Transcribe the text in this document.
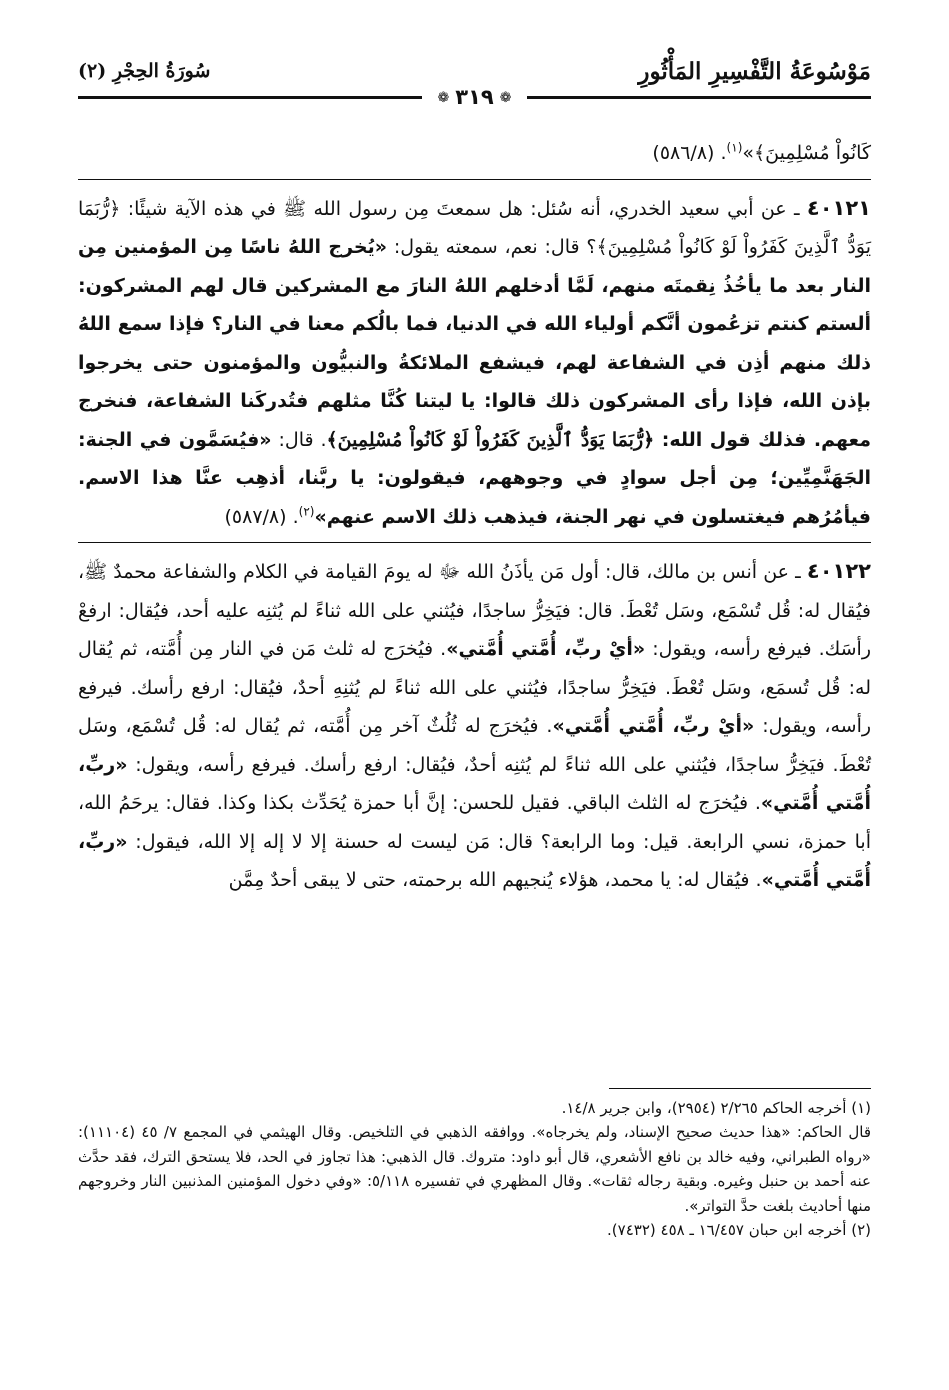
مَوْسُوعَةُ التَّفْسِيرِ المَأْثُورِ
سُورَةُ الحِجْرِ (٢)
❁٣١٩❁

كَانُواْ مُسْلِمِينَ﴾»$^{(١)}$. (٥٨٦/٨)

٤٠١٢١ ـ عن أبي سعيد الخدري، أنه سُئل: هل سمعتَ مِن رسول الله ﷺ في هذه الآية شيئًا: ﴿رُّبَمَا يَوَدُّ ٱلَّذِينَ كَفَرُواْ لَوْ كَانُواْ مُسْلِمِينَ﴾؟ قال: نعم، سمعته يقول: «يُخرج اللهُ ناسًا مِن المؤمنين مِن النار بعد ما يأخُذُ نِقمتَه منهم، لَمَّا أدخلهم اللهُ النارَ مع المشركين قال لهم المشركون: ألستم كنتم تزعُمون أنَّكم أولياء الله في الدنيا، فما بالُكم معنا في النار؟ فإذا سمع اللهُ ذلك منهم أذِن في الشفاعة لهم، فيشفع الملائكةُ والنبيُّون والمؤمنون حتى يخرجوا بإذن الله، فإذا رأى المشركون ذلك قالوا: يا ليتنا كُنَّا مثلهم فتُدركَنا الشفاعة، فنخرج معهم. فذلك قول الله: ﴿رُّبَمَا يَوَدُّ ٱلَّذِينَ كَفَرُواْ لَوْ كَانُواْ مُسْلِمِينَ﴾. قال: «فيُسَمَّون في الجنة: الجَهَنَّمِيِّين؛ مِن أجل سوادٍ في وجوههم، فيقولون: يا ربَّنا، أذهِب عنَّا هذا الاسم. فيأمُرُهم فيغتسلون في نهر الجنة، فيذهب ذلك الاسم عنهم»$^{(٢)}$. (٥٨٧/٨)

٤٠١٢٢ ـ عن أنس بن مالك، قال: أول مَن يأذَنُ الله ﷻ له يومَ القيامة في الكلام والشفاعة محمدٌ ﷺ، فيُقال له: قُل تُسْمَع، وسَل تُعْطَ. قال: فيَخِرُّ ساجدًا، فيُثني على الله ثناءً لم يُثنِه عليه أحد، فيُقال: ارفعْ رأسَك. فيرفع رأسه، ويقول: «أيْ ربِّ، أُمَّتي أُمَّتي». فيُخرَج له ثلث مَن في النار مِن أُمَّته، ثم يُقال له: قُل تُسمَع، وسَل تُعْطَ. فيَخِرُّ ساجدًا، فيُثني على الله ثناءً لم يُثنِهِ أحدٌ، فيُقال: ارفع رأسك. فيرفع رأسه، ويقول: «أيْ ربِّ، أُمَّتي أُمَّتي». فيُخرَج له ثُلُثٌ آخر مِن أُمَّته، ثم يُقال له: قُل تُسْمَع، وسَل تُعْطَ. فيَخِرُّ ساجدًا، فيُثني على الله ثناءً لم يُثنِه أحدٌ، فيُقال: ارفع رأسك. فيرفع رأسه، ويقول: «ربِّ، أُمَّتي أُمَّتي». فيُخرَج له الثلث الباقي. فقيل للحسن: إنَّ أبا حمزة يُحَدِّث بكذا وكذا. فقال: يرحَمُ الله، أبا حمزة، نسي الرابعة. قيل: وما الرابعة؟ قال: مَن ليست له حسنة إلا لا إله إلا الله، فيقول: «ربِّ، أُمَّتي أُمَّتي». فيُقال له: يا محمد، هؤلاء يُنجيهم الله برحمته، حتى لا يبقى أحدٌ مِمَّن

(١) أخرجه الحاكم ٢/٢٦٥ (٢٩٥٤)، وابن جرير ١٤/٨.

قال الحاكم: «هذا حديث صحيح الإسناد، ولم يخرجاه». ووافقه الذهبي في التلخيص. وقال الهيثمي في المجمع ٧/ ٤٥ (١١١٠٤): «رواه الطبراني، وفيه خالد بن نافع الأشعري، قال أبو داود: متروك. قال الذهبي: هذا تجاوز في الحد، فلا يستحق الترك، فقد حدَّث عنه أحمد بن حنبل وغيره. وبقية رجاله ثقات». وقال المظهري في تفسيره ٥/١١٨: «وفي دخول المؤمنين المذنبين النار وخروجهم منها أحاديث بلغت حدَّ التواتر».

(٢) أخرجه ابن حبان ١٦/٤٥٧ ـ ٤٥٨ (٧٤٣٢).
